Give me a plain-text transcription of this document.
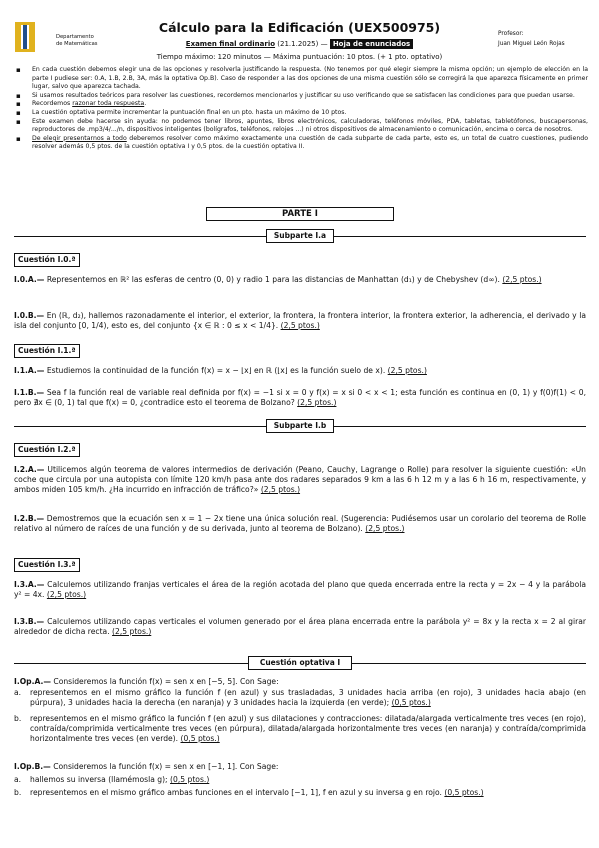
Departamento
de Matemáticas
Cálculo para la Edificación (UEX500975)	Profesor:
Juan Miguel León Rojas
Examen final ordinario (21.1.2025) — Hoja de enunciados
Tiempo máximo: 120 minutos — Máxima puntuación: 10 ptos. (+ 1 pto. optativo)
▪ En cada cuestión debemos elegir una de las opciones y resolverla justificando la respuesta. (No tenemos por qué elegir siempre la misma opción; un ejemplo de elección en la parte I pudiese ser: 0.A, 1.B, 2.B, 3A, más la optativa Op.B). Caso de responder a las dos opciones de una misma cuestión sólo se corregirá la que aparezca físicamente en primer lugar, salvo que aparezca tachada.
▪ Si usamos resultados teóricos para resolver las cuestiones, recordemos mencionarlos y justificar su uso verificando que se satisfacen las condiciones para que puedan usarse.
▪ Recordemos razonar toda respuesta.
▪ La cuestión optativa permite incrementar la puntuación final en un pto. hasta un máximo de 10 ptos.
▪ Este examen debe hacerse sin ayuda: no podemos tener libros, apuntes, libros electrónicos, calculadoras, teléfonos móviles, PDA, tabletas, tabletófonos, buscapersonas, reproductores de .mp3/4/.../n, dispositivos inteligentes (bolígrafos, teléfonos, relojes ...) ni otros dispositivos de almacenamiento o comunicación, encima o cerca de nosotros.
▪ De elegir presentarnos a todo deberemos resolver como máximo exactamente una cuestión de cada subparte de cada parte, esto es, un total de cuatro cuestiones, pudiendo resolver además 0,5 ptos. de la cuestión optativa I y 0,5 ptos. de la cuestión optativa II.
PARTE I
Subparte I.a
Cuestión I.0.ª

I.0.A.— Representemos en ℝ² las esferas de centro (0, 0) y radio 1 para las distancias de Manhattan (d₁) y de Chebyshev (d∞). (2,5 ptos.)

I.0.B.— En (ℝ, d₂), hallemos razonadamente el interior, el exterior, la frontera, la frontera interior, la frontera exterior, la adherencia, el derivado y la isla del conjunto [0, 1/4), esto es, del conjunto {x ∈ ℝ : 0 ≤ x < 1/4}. (2,5 ptos.)

Cuestión I.1.ª

I.1.A.— Estudiemos la continuidad de la función f(x) = x − ⌊x⌋ en ℝ (⌊x⌋ es la función suelo de x). (2,5 ptos.)

I.1.B.— Sea f la función real de variable real definida por f(x) = −1 si x = 0 y f(x) = x si 0 < x < 1; esta función es continua en (0, 1) y f(0)f(1) < 0, pero ∄x ∈ (0, 1) tal que f(x) = 0, ¿contradice esto el teorema de Bolzano? (2,5 ptos.)

Subparte I.b
Cuestión I.2.ª

I.2.A.— Utilicemos algún teorema de valores intermedios de derivación (Peano, Cauchy, Lagrange o Rolle) para resolver la siguiente cuestión: «Un coche que circula por una autopista con límite 120 km/h pasa ante dos radares separados 9 km a las 6 h 12 m y a las 6 h 16 m, respectivamente, y ambos miden 105 km/h. ¿Ha incurrido en infracción de tráfico?» (2,5 ptos.)

I.2.B.— Demostremos que la ecuación sen x = 1 − 2x tiene una única solución real. (Sugerencia: Pudiésemos usar un corolario del teorema de Rolle relativo al número de raíces de una función y de su derivada, junto al teorema de Bolzano). (2,5 ptos.)

Cuestión I.3.ª

I.3.A.— Calculemos utilizando franjas verticales el área de la región acotada del plano que queda encerrada entre la recta y = 2x − 4 y la parábola y² = 4x. (2,5 ptos.)

I.3.B.— Calculemos utilizando capas verticales el volumen generado por el área plana encerrada entre la parábola y² = 8x y la recta x = 2 al girar alrededor de dicha recta. (2,5 ptos.)

Cuestión optativa I

I.Op.A.— Consideremos la función f(x) = sen x en [−5, 5]. Con Sage:

a.	representemos en el mismo gráfico la función f (en azul) y sus trasladadas, 3 unidades hacia arriba (en rojo), 3 unidades hacia abajo (en púrpura), 3 unidades hacia la derecha (en naranja) y 3 unidades hacia la izquierda (en verde); (0,5 ptos.)
b.	representemos en el mismo gráfico la función f (en azul) y sus dilataciones y contracciones: dilatada/alargada verticalmente tres veces (en rojo), contraída/comprimida verticalmente tres veces (en púrpura), dilatada/alargada horizontalmente tres veces (en naranja) y contraída/comprimida horizontalmente tres veces (en verde). (0,5 ptos.)

I.Op.B.— Consideremos la función f(x) = sen x en [−1, 1]. Con Sage:

a.	hallemos su inversa (llamémosla g); (0,5 ptos.)
b.	representemos en el mismo gráfico ambas funciones en el intervalo [−1, 1], f en azul y su inversa g en rojo. (0,5 ptos.)
